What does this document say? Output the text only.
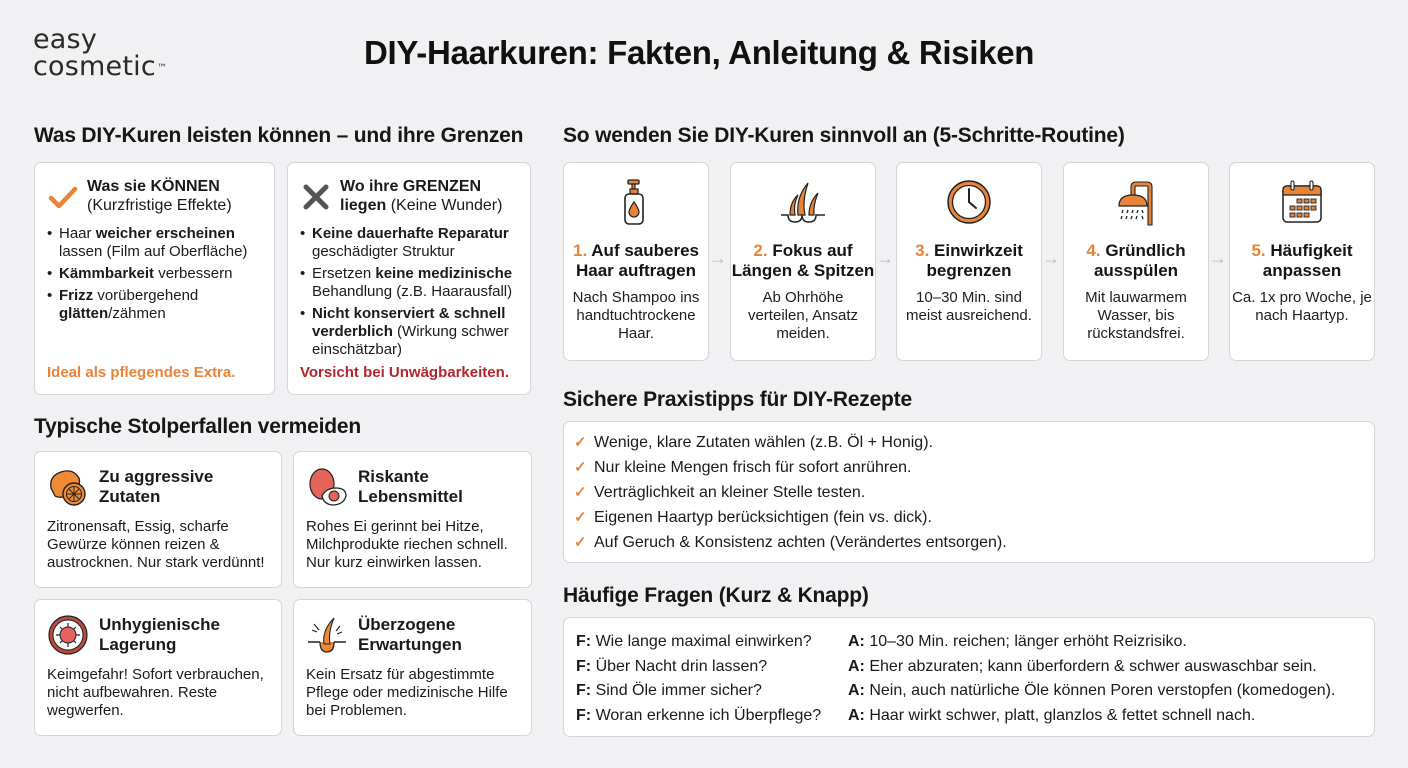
easy
cosmetic™	DIY-Haarkuren: Fakten, Anleitung & Risiken
Was DIY-Kuren leisten können – und ihre Grenzen
Was sie KÖNNEN
(Kurzfristige Effekte)
• Haar weicher erscheinen lassen (Film auf Oberfläche)
• Kämmbarkeit verbessern
• Frizz vorübergehend glätten/zähmen
Ideal als pflegendes Extra.
Wo ihre GRENZEN liegen (Keine Wunder)
• Keine dauerhafte Reparatur geschädigter Struktur
• Ersetzen keine medizinische Behandlung (z.B. Haarausfall)
• Nicht konserviert & schnell verderblich (Wirkung schwer einschätzbar)
Vorsicht bei Unwägbarkeiten.
So wenden Sie DIY-Kuren sinnvoll an (5-Schritte-Routine)
1. Auf sauberes Haar auftragen
Nach Shampoo ins handtuchtrockene Haar.
→	2. Fokus auf Längen & Spitzen
Ab Ohrhöhe verteilen, Ansatz meiden.
→	3. Einwirkzeit begrenzen
10–30 Min. sind meist ausreichend.
→	4. Gründlich ausspülen
Mit lauwarmem Wasser, bis rückstandsfrei.
→	5. Häufigkeit anpassen
Ca. 1x pro Woche, je nach Haartyp.
Typische Stolperfallen vermeiden
Zu aggressive Zutaten
Zitronensaft, Essig, scharfe Gewürze können reizen & austrocknen. Nur stark verdünnt!
Riskante Lebensmittel
Rohes Ei gerinnt bei Hitze, Milchprodukte riechen schnell. Nur kurz einwirken lassen.
Unhygienische Lagerung
Keimgefahr! Sofort verbrauchen, nicht aufbewahren. Reste wegwerfen.
Überzogene Erwartungen
Kein Ersatz für abgestimmte Pflege oder medizinische Hilfe bei Problemen.
Sichere Praxistipps für DIY-Rezepte
✓ Wenige, klare Zutaten wählen (z.B. Öl + Honig).
✓ Nur kleine Mengen frisch für sofort anrühren.
✓ Verträglichkeit an kleiner Stelle testen.
✓ Eigenen Haartyp berücksichtigen (fein vs. dick).
✓ Auf Geruch & Konsistenz achten (Verändertes entsorgen).
Häufige Fragen (Kurz & Knapp)
F: Wie lange maximal einwirken?	A: 10–30 Min. reichen; länger erhöht Reizrisiko.
F: Über Nacht drin lassen?	A: Eher abzuraten; kann überfordern & schwer auswaschbar sein.
F: Sind Öle immer sicher?	A: Nein, auch natürliche Öle können Poren verstopfen (komedogen).
F: Woran erkenne ich Überpflege?	A: Haar wirkt schwer, platt, glanzlos & fettet schnell nach.
